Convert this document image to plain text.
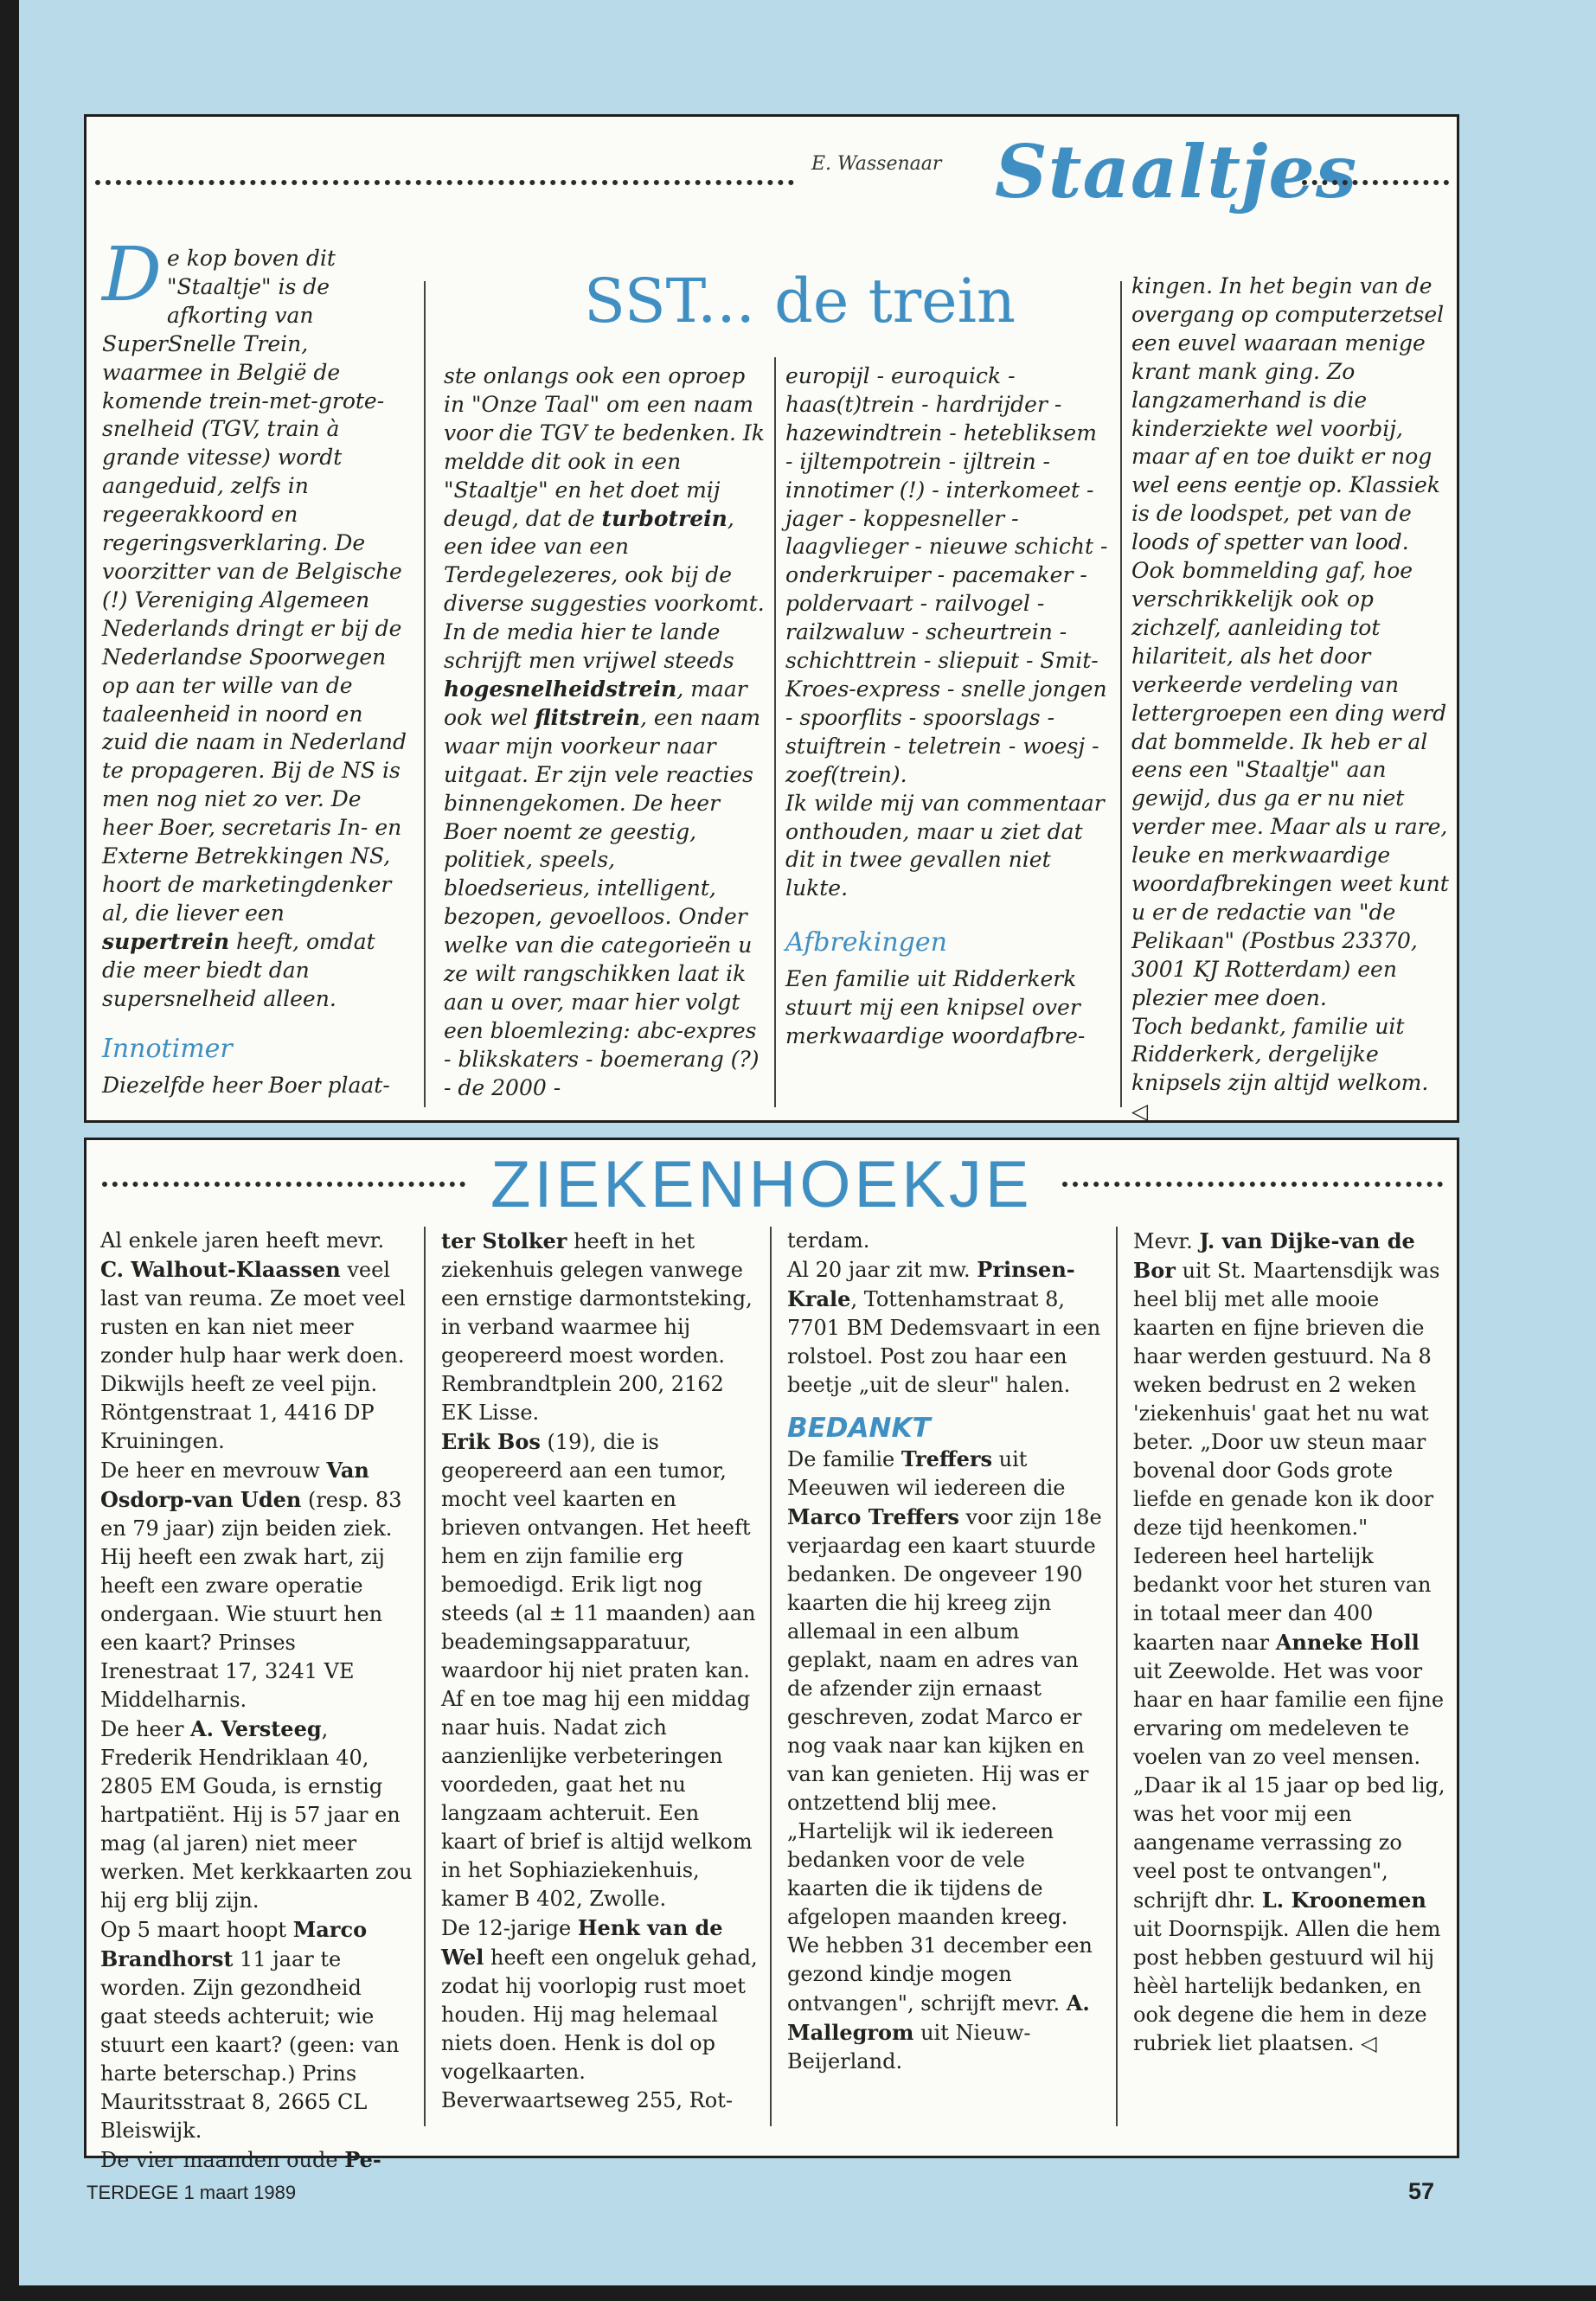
E. Wassenaar Staaltjes
SST... de trein

De kop boven dit "Staaltje" is de afkorting van SuperSnelle Trein, waarmee in België de komende trein-met-grote-snelheid (TGV, train à grande vitesse) wordt aangeduid, zelfs in regeerakkoord en regeringsverklaring. De voorzitter van de Belgische (!) Vereniging Algemeen Nederlands dringt er bij de Nederlandse Spoorwegen op aan ter wille van de taaleenheid in noord en zuid die naam in Nederland te propageren. Bij de NS is men nog niet zo ver. De heer Boer, secretaris In- en Externe Betrekkingen NS, hoort de marketingdenker al, die liever een supertrein heeft, omdat die meer biedt dan supersnelheid alleen.

Innotimer

Diezelfde heer Boer plaat-

ste onlangs ook een oproep in "Onze Taal" om een naam voor die TGV te bedenken. Ik meldde dit ook in een "Staaltje" en het doet mij deugd, dat de turbotrein, een idee van een Terdegelezeres, ook bij de diverse suggesties voorkomt. In de media hier te lande schrijft men vrijwel steeds hogesnelheidstrein, maar ook wel flitstrein, een naam waar mijn voorkeur naar uitgaat. Er zijn vele reacties binnengekomen. De heer Boer noemt ze geestig, politiek, speels, bloedserieus, intelligent, bezopen, gevoelloos. Onder welke van die categorieën u ze wilt rangschikken laat ik aan u over, maar hier volgt een bloemlezing: abc-expres - blikskaters - boemerang (?) - de 2000 -

europijl - euroquick - haas(t)trein - hardrijder - hazewindtrein - hetebliksem - ijltempotrein - ijltrein - innotimer (!) - interkomeet - jager - koppesneller - laagvlieger - nieuwe schicht - onderkruiper - pacemaker - poldervaart - railvogel - railzwaluw - scheurtrein - schichttrein - sliepuit - Smit-Kroes-express - snelle jongen - spoorflits - spoorslags - stuiftrein - teletrein - woesj - zoef(trein).

Ik wilde mij van commentaar onthouden, maar u ziet dat dit in twee gevallen niet lukte.

Afbrekingen

Een familie uit Ridderkerk stuurt mij een knipsel over merkwaardige woordafbre-

kingen. In het begin van de overgang op computerzetsel een euvel waaraan menige krant mank ging. Zo langzamerhand is die kinderziekte wel voorbij, maar af en toe duikt er nog wel eens eentje op. Klassiek is de loodspet, pet van de loods of spetter van lood. Ook bommelding gaf, hoe verschrikkelijk ook op zichzelf, aanleiding tot hilariteit, als het door verkeerde verdeling van lettergroepen een ding werd dat bommelde. Ik heb er al eens een "Staaltje" aan gewijd, dus ga er nu niet verder mee. Maar als u rare, leuke en merkwaardige woordafbrekingen weet kunt u er de redactie van "de Pelikaan" (Postbus 23370, 3001 KJ Rotterdam) een plezier mee doen.

Toch bedankt, familie uit Ridderkerk, dergelijke knipsels zijn altijd welkom. ◁

ZIEKENHOEKJE

Al enkele jaren heeft mevr. C. Walhout-Klaassen veel last van reuma. Ze moet veel rusten en kan niet meer zonder hulp haar werk doen. Dikwijls heeft ze veel pijn. Röntgenstraat 1, 4416 DP Kruiningen.

De heer en mevrouw Van Osdorp-van Uden (resp. 83 en 79 jaar) zijn beiden ziek. Hij heeft een zwak hart, zij heeft een zware operatie ondergaan. Wie stuurt hen een kaart? Prinses Irenestraat 17, 3241 VE Middelharnis.

De heer A. Versteeg, Frederik Hendriklaan 40, 2805 EM Gouda, is ernstig hartpatiënt. Hij is 57 jaar en mag (al jaren) niet meer werken. Met kerkkaarten zou hij erg blij zijn.

Op 5 maart hoopt Marco Brandhorst 11 jaar te worden. Zijn gezondheid gaat steeds achteruit; wie stuurt een kaart? (geen: van harte beterschap.) Prins Mauritsstraat 8, 2665 CL Bleiswijk.

De vier maanden oude Pe-

ter Stolker heeft in het ziekenhuis gelegen vanwege een ernstige darmontsteking, in verband waarmee hij geopereerd moest worden. Rembrandtplein 200, 2162 EK Lisse.

Erik Bos (19), die is geopereerd aan een tumor, mocht veel kaarten en brieven ontvangen. Het heeft hem en zijn familie erg bemoedigd. Erik ligt nog steeds (al ± 11 maanden) aan beademingsapparatuur, waardoor hij niet praten kan. Af en toe mag hij een middag naar huis. Nadat zich aanzienlijke verbeteringen voordeden, gaat het nu langzaam achteruit. Een kaart of brief is altijd welkom in het Sophiaziekenhuis, kamer B 402, Zwolle.

De 12-jarige Henk van de Wel heeft een ongeluk gehad, zodat hij voorlopig rust moet houden. Hij mag helemaal niets doen. Henk is dol op vogelkaarten. Beverwaartseweg 255, Rot-

terdam.

Al 20 jaar zit mw. Prinsen-Krale, Tottenhamstraat 8, 7701 BM Dedemsvaart in een rolstoel. Post zou haar een beetje „uit de sleur" halen.

BEDANKT

De familie Treffers uit Meeuwen wil iedereen die Marco Treffers voor zijn 18e verjaardag een kaart stuurde bedanken. De ongeveer 190 kaarten die hij kreeg zijn allemaal in een album geplakt, naam en adres van de afzender zijn ernaast geschreven, zodat Marco er nog vaak naar kan kijken en van kan genieten. Hij was er ontzettend blij mee.

„Hartelijk wil ik iedereen bedanken voor de vele kaarten die ik tijdens de afgelopen maanden kreeg. We hebben 31 december een gezond kindje mogen ontvangen", schrijft mevr. A. Mallegrom uit Nieuw-Beijerland.

Mevr. J. van Dijke-van de Bor uit St. Maartensdijk was heel blij met alle mooie kaarten en fijne brieven die haar werden gestuurd. Na 8 weken bedrust en 2 weken 'ziekenhuis' gaat het nu wat beter. „Door uw steun maar bovenal door Gods grote liefde en genade kon ik door deze tijd heenkomen."

Iedereen heel hartelijk bedankt voor het sturen van in totaal meer dan 400 kaarten naar Anneke Holl uit Zeewolde. Het was voor haar en haar familie een fijne ervaring om medeleven te voelen van zo veel mensen.

„Daar ik al 15 jaar op bed lig, was het voor mij een aangename verrassing zo veel post te ontvangen", schrijft dhr. L. Kroonemen uit Doornspijk. Allen die hem post hebben gestuurd wil hij hèèl hartelijk bedanken, en ook degene die hem in deze rubriek liet plaatsen. ◁

TERDEGE 1 maart 1989	57
